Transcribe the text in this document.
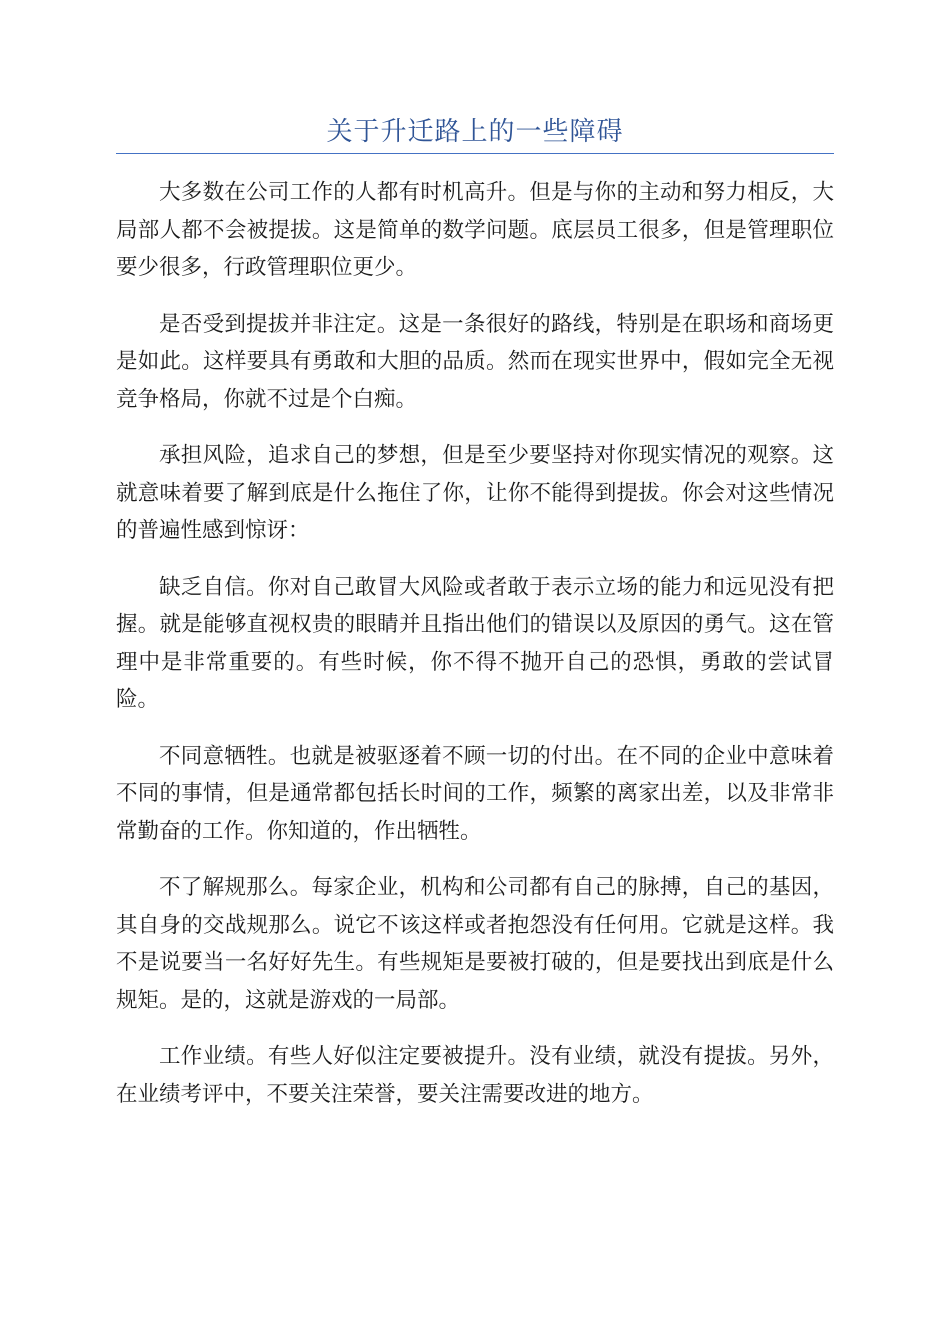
关于升迁路上的一些障碍

大多数在公司工作的人都有时机高升。但是与你的主动和努力相反，大局部人都不会被提拔。这是简单的数学问题。底层员工很多，但是管理职位要少很多，行政管理职位更少。

是否受到提拔并非注定。这是一条很好的路线，特别是在职场和商场更是如此。这样要具有勇敢和大胆的品质。然而在现实世界中，假如完全无视竞争格局，你就不过是个白痴。

承担风险，追求自己的梦想，但是至少要坚持对你现实情况的观察。这就意味着要了解到底是什么拖住了你，让你不能得到提拔。你会对这些情况的普遍性感到惊讶：

缺乏自信。你对自己敢冒大风险或者敢于表示立场的能力和远见没有把握。就是能够直视权贵的眼睛并且指出他们的错误以及原因的勇气。这在管理中是非常重要的。有些时候，你不得不抛开自己的恐惧，勇敢的尝试冒险。

不同意牺牲。也就是被驱逐着不顾一切的付出。在不同的企业中意味着不同的事情，但是通常都包括长时间的工作，频繁的离家出差，以及非常非常勤奋的工作。你知道的，作出牺牲。

不了解规那么。每家企业，机构和公司都有自己的脉搏，自己的基因，其自身的交战规那么。说它不该这样或者抱怨没有任何用。它就是这样。我不是说要当一名好好先生。有些规矩是要被打破的，但是要找出到底是什么规矩。是的，这就是游戏的一局部。

工作业绩。有些人好似注定要被提升。没有业绩，就没有提拔。另外，在业绩考评中，不要关注荣誉，要关注需要改进的地方。
